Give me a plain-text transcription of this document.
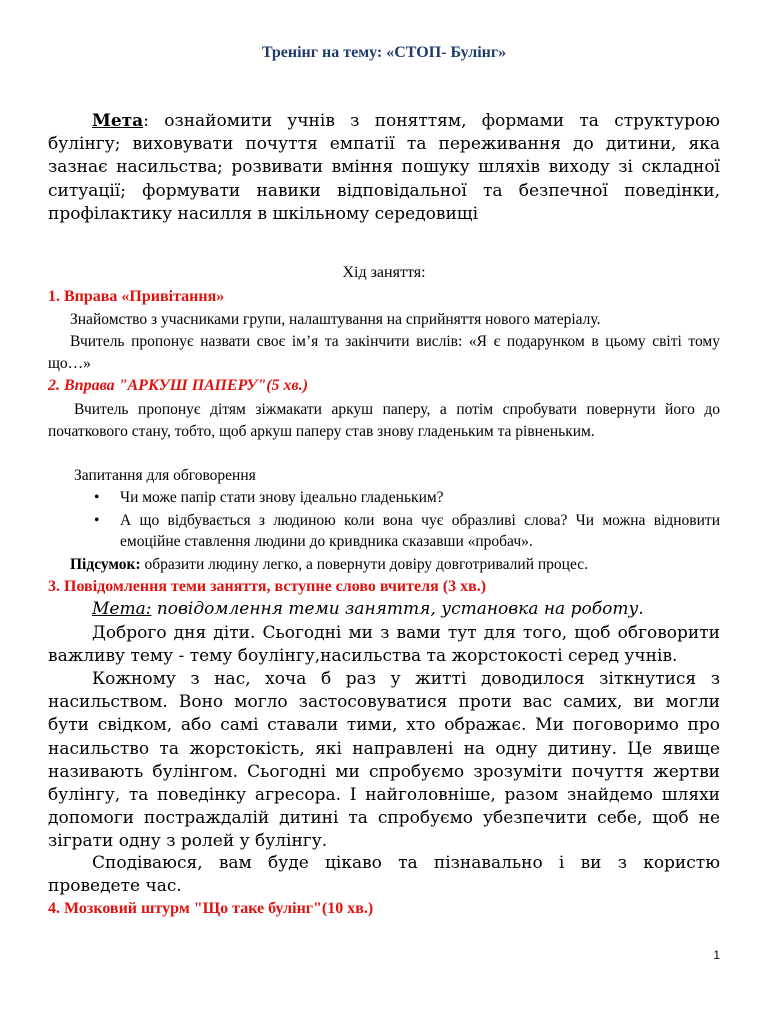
Тренінг на тему: «СТОП- Булінг»
Мета: ознайомити учнів з поняттям, формами та структурою булінгу; виховувати почуття емпатії та переживання до дитини, яка зазнає насильства; розвивати вміння пошуку шляхів виходу зі складної ситуації; формувати навики відповідальної та безпечної поведінки, профілактику насилля в шкільному середовищі
Хід заняття:
1. Вправа «Привітання»
Знайомство з учасниками групи, налаштування на сприйняття нового матеріалу.
Вчитель пропонує назвати своє ім’я та закінчити вислів: «Я є подарунком в цьому світі тому що…»
2. Вправа "АРКУШ ПАПЕРУ"(5 хв.)
Вчитель пропонує дітям зіжмакати аркуш паперу, а потім спробувати повернути його до початкового стану, тобто, щоб аркуш паперу став знову гладеньким та рівненьким.
Запитання для обговорення
• Чи може папір стати знову ідеально гладеньким?
• А що відбувається з людиною коли вона чує образливі слова? Чи можна відновити емоційне ставлення людини до кривдника сказавши «пробач».
Підсумок: образити людину легко, а повернути довіру довготривалий процес.
3. Повідомлення теми заняття, вступне слово вчителя (3 хв.)
Мета: повідомлення теми заняття, установка на роботу.
Доброго дня діти. Сьогодні ми з вами тут для того, щоб обговорити важливу тему - тему боулінгу,насильства та жорстокості серед учнів.
Кожному з нас, хоча б раз у житті доводилося зіткнутися з насильством. Воно могло застосовуватися проти вас самих, ви могли бути свідком, або самі ставали тими, хто ображає. Ми поговоримо про насильство та жорстокість, які направлені на одну дитину. Це явище називають булінгом. Сьогодні ми спробуємо зрозуміти почуття жертви булінгу, та поведінку агресора. І найголовніше, разом знайдемо шляхи допомоги постраждалій дитині та спробуємо убезпечити себе, щоб не зіграти одну з ролей у булінгу.
Сподіваюся, вам буде цікаво та пізнавально і ви з користю проведете час.
4. Мозковий штурм "Що таке булінг"(10 хв.)
1
